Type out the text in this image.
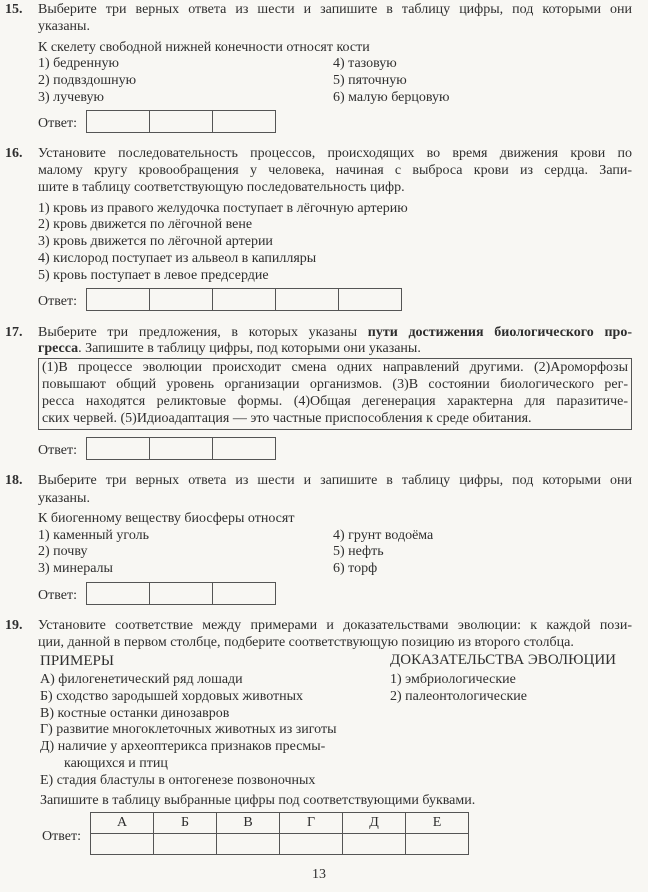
15. Выберите три верных ответа из шести и запишите в таблицу цифры, под которыми они
указаны.
К скелету свободной нижней конечности относят кости
1) бедренную
2) подвздошную
3) лучевую
4) тазовую
5) пяточную
6) малую берцовую
Ответ:
16. Установите последовательность процессов, происходящих во время движения крови по
малому кругу кровообращения у человека, начиная с выброса крови из сердца. Запи-
шите в таблицу соответствующую последовательность цифр.
1) кровь из правого желудочка поступает в лёгочную артерию
2) кровь движется по лёгочной вене
3) кровь движется по лёгочной артерии
4) кислород поступает из альвеол в капилляры
5) кровь поступает в левое предсердие
Ответ:
17. Выберите три предложения, в которых указаны пути достижения биологического про-
гресса. Запишите в таблицу цифры, под которыми они указаны.
(1)В процессе эволюции происходит смена одних направлений другими. (2)Ароморфозы
повышают общий уровень организации организмов. (3)В состоянии биологического рег-
ресса находятся реликтовые формы. (4)Общая дегенерация характерна для паразитиче-
ских червей. (5)Идиоадаптация — это частные приспособления к среде обитания.
Ответ:
18. Выберите три верных ответа из шести и запишите в таблицу цифры, под которыми они
указаны.
К биогенному веществу биосферы относят
1) каменный уголь
2) почву
3) минералы
4) грунт водоёма
5) нефть
6) торф
Ответ:
19. Установите соответствие между примерами и доказательствами эволюции: к каждой пози-
ции, данной в первом столбце, подберите соответствующую позицию из второго столбца.
ПРИМЕРЫ	ДОКАЗАТЕЛЬСТВА ЭВОЛЮЦИИ
А) филогенетический ряд лошади
Б) сходство зародышей хордовых животных
В) костные останки динозавров
Г) развитие многоклеточных животных из зиготы
Д) наличие у археоптерикса признаков пресмы-
кающихся и птиц
Е) стадия бластулы в онтогенезе позвоночных
1) эмбриологические
2) палеонтологические
Запишите в таблицу выбранные цифры под соответствующими буквами.
Ответ:
А	Б	В	Г	Д	Е

13
